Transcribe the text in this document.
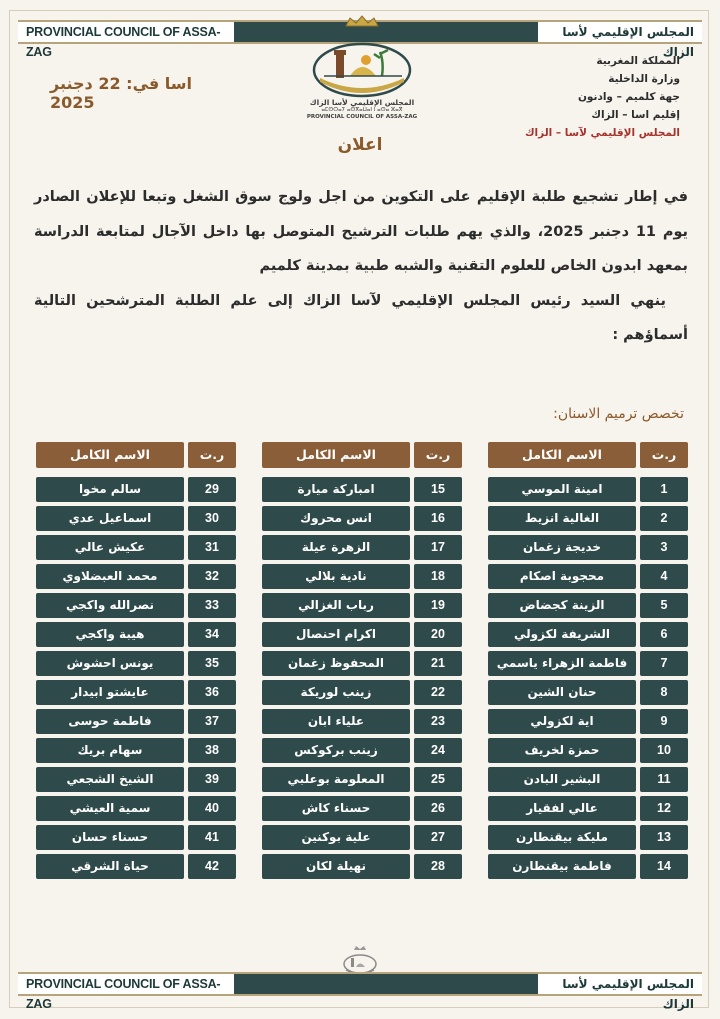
PROVINCIAL COUNCIL OF ASSA-ZAG
المجلس الإقليمي لأسا الزاك
المجلس الإقليمي لأسا الزاك
ⴰⵎⵙⵔⴰⵢ ⴰⵙⴳⴰⵡⴰⵏ ⵏ ⴰⵙⴰ ⵣⴰⴳ
PROVINCIAL COUNCIL OF ASSA-ZAG
اسا في: 22 دجنبر 2025
المملكة المغربية
وزارة الداخلية
جهة كلميم – وادنون
إقليم اسا – الزاك
المجلس الإقليمي لآسا – الزاك
اعلان

في إطار تشجيع طلبة الإقليم على التكوين من اجل ولوج سوق الشغل وتبعا للإعلان الصادر يوم 11 دجنبر 2025، والذي يهم طلبات الترشيح المتوصل بها داخل الآجال لمتابعة الدراسة بمعهد ابدون الخاص للعلوم التقنية والشبه طبية بمدينة كلميم

ينهي السيد رئيس المجلس الإقليمي لآسا الزاك إلى علم الطلبة المترشحين التالية أسماؤهم :

تخصص ترميم الاسنان:
الاسم الكامل	ر.ت
امينة الموسي	1
الغالية انزيط	2
خديجة زغمان	3
محجوبة اصكام	4
الزينة كجضاض	5
الشريفة لكزولي	6
فاطمة الزهراء ياسمي	7
حنان الشين	8
اية لكزولي	9
حمزة لخريف	10
البشير البادن	11
عالي لفقيار	12
مليكة بيقنطارن	13
فاطمة بيقنطارن	14
الاسم الكامل	ر.ت
امباركة ميارة	15
انس محروك	16
الزهرة عيلة	17
نادية بلالي	18
رباب الغزالي	19
اكرام احنصال	20
المحفوظ زغمان	21
زينب لوريكة	22
علياء ابان	23
زينب بركوكس	24
المعلومة بوعلبي	25
حسناء كاش	26
علية بوكنين	27
نهيلة لكان	28
الاسم الكامل	ر.ت
سالم مخوا	29
اسماعيل عدي	30
عكيش عالي	31
محمد العبضلاوي	32
نصرالله واكجي	33
هيبة واكجي	34
يونس احشوش	35
عايشتو ابيدار	36
فاطمة حوسى	37
سهام بريك	38
الشيخ الشجعي	39
سمية العيشي	40
حسناء حسان	41
حياة الشرقي	42
PROVINCIAL COUNCIL OF ASSA-ZAG
المجلس الإقليمي لأسا الزاك
